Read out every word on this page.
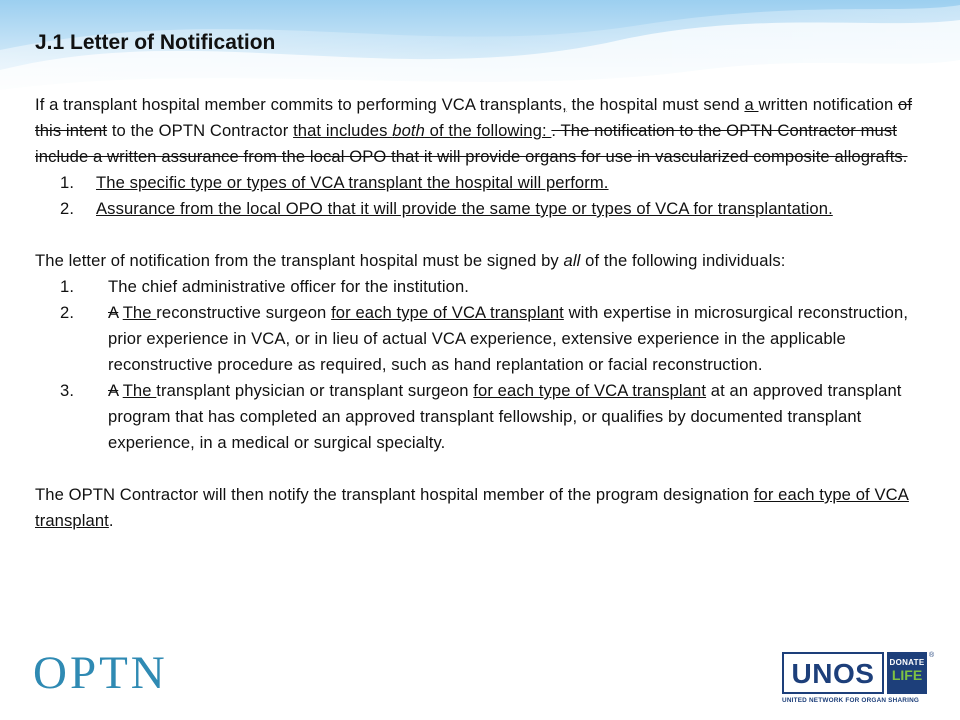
J.1 Letter of Notification

If a transplant hospital member commits to performing VCA transplants, the hospital must send a written notification of this intent to the OPTN Contractor that includes both of the following: . The notification to the OPTN Contractor must include a written assurance from the local OPO that it will provide organs for use in vascularized composite allografts.

1. The specific type or types of VCA transplant the hospital will perform.
2. Assurance from the local OPO that it will provide the same type or types of VCA for transplantation.

The letter of notification from the transplant hospital must be signed by all of the following individuals:

1. The chief administrative officer for the institution.
2. A The reconstructive surgeon for each type of VCA transplant with expertise in microsurgical reconstruction, prior experience in VCA, or in lieu of actual VCA experience, extensive experience in the applicable reconstructive procedure as required, such as hand replantation or facial reconstruction.
3. A The transplant physician or transplant surgeon for each type of VCA transplant at an approved transplant program that has completed an approved transplant fellowship, or qualifies by documented transplant experience, in a medical or surgical specialty.

The OPTN Contractor will then notify the transplant hospital member of the program designation for each type of VCA transplant.

OPTN	UNOS	DONATE
LIFE
®
UNITED NETWORK FOR ORGAN SHARING
